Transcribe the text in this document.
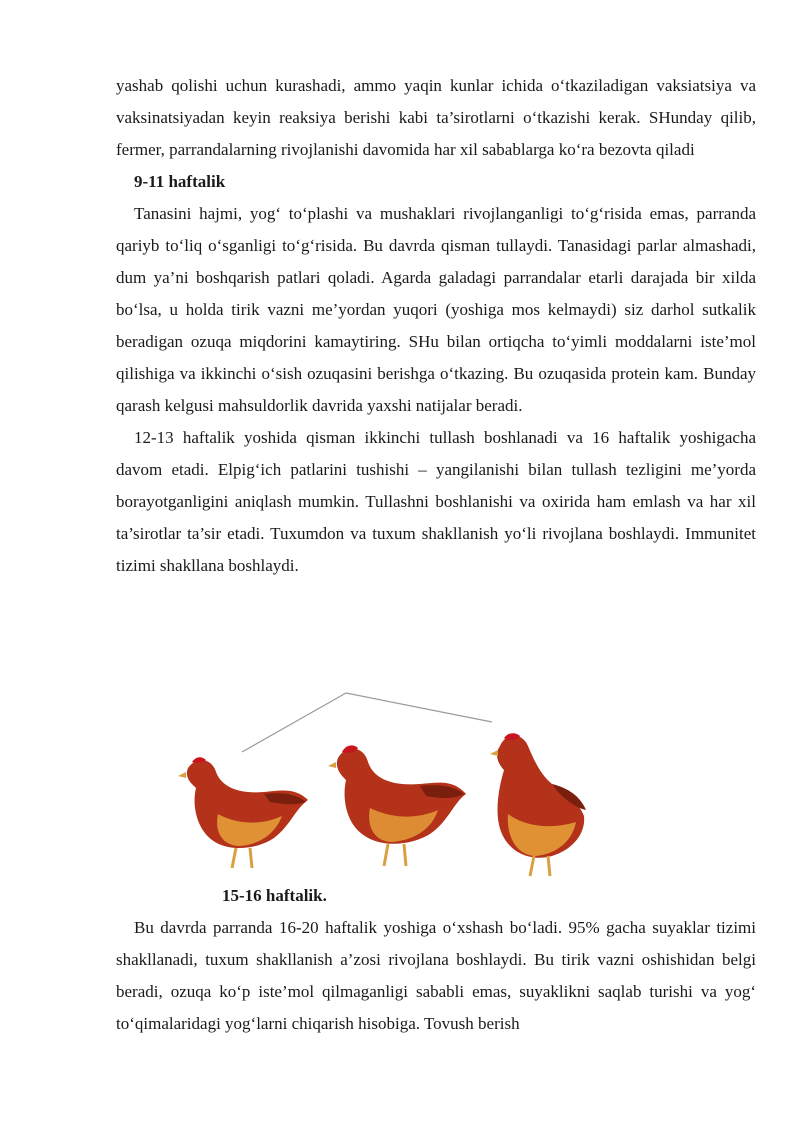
yashab qolishi uchun kurashadi, ammo yaqin kunlar ichida o‘tkaziladigan vaksiatsiya va vaksinatsiyadan keyin reaksiya berishi kabi ta’sirotlarni o‘tkazishi kerak. SHunday qilib, fermer, parrandalarning rivojlanishi davomida har xil sabablarga ko‘ra bezovta qiladi

9-11 haftalik

Tanasini hajmi, yog‘ to‘plashi va mushaklari rivojlanganligi to‘g‘risida emas, parranda qariyb to‘liq o‘sganligi to‘g‘risida. Bu davrda qisman tullaydi. Tanasidagi parlar almashadi, dum ya’ni boshqarish patlari qoladi. Agarda galadagi parrandalar etarli darajada bir xilda bo‘lsa, u holda tirik vazni me’yordan yuqori (yoshiga mos kelmaydi) siz darhol sutkalik beradigan ozuqa miqdorini kamaytiring. SHu bilan ortiqcha to‘yimli moddalarni iste’mol qilishiga va ikkinchi o‘sish ozuqasini berishga o‘tkazing. Bu ozuqasida protein kam. Bunday qarash kelgusi mahsuldorlik davrida yaxshi natijalar beradi.

12-13 haftalik yoshida qisman ikkinchi tullash boshlanadi va 16 haftalik yoshigacha davom etadi. Elpig‘ich patlarini tushishi – yangilanishi bilan tullash tezligini me’yorda borayotganligini aniqlash mumkin. Tullashni boshlanishi va oxirida ham emlash va har xil ta’sirotlar ta’sir etadi. Tuxumdon va tuxum shakllanish yo‘li rivojlana boshlaydi. Immunitet tizimi shakllana boshlaydi.

15-16 haftalik.

Bu davrda parranda 16-20 haftalik yoshiga o‘xshash bo‘ladi. 95% gacha suyaklar tizimi shakllanadi, tuxum shakllanish a’zosi rivojlana boshlaydi. Bu tirik vazni oshishidan belgi beradi, ozuqa ko‘p iste’mol qilmaganligi sababli emas, suyaklikni saqlab turishi va yog‘ to‘qimalaridagi yog‘larni chiqarish hisobiga. Tovush berish
